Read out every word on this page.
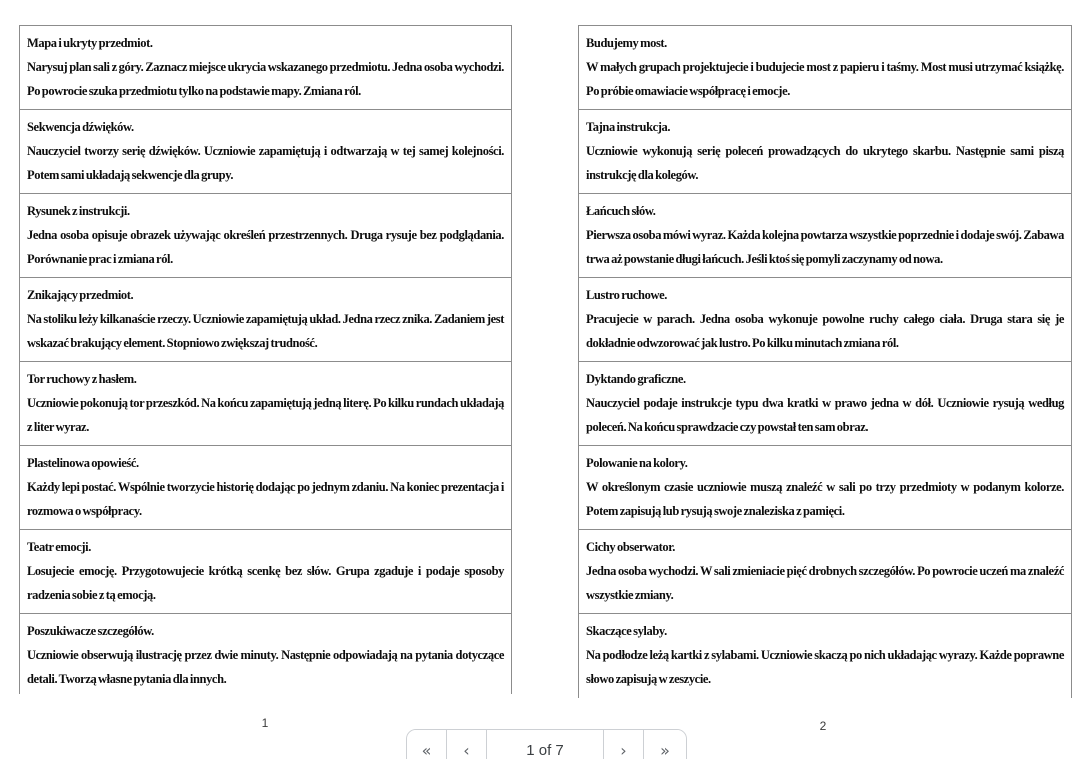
Mapa i ukryty przedmiot.
Narysuj plan sali z góry. Zaznacz miejsce ukrycia wskazanego przedmiotu. Jedna osoba wychodzi. Po powrocie szuka przedmiotu tylko na podstawie mapy. Zmiana ról.
Sekwencja dźwięków.
Nauczyciel tworzy serię dźwięków. Uczniowie zapamiętują i odtwarzają w tej samej kolejności. Potem sami układają sekwencje dla grupy.
Rysunek z instrukcji.
Jedna osoba opisuje obrazek używając określeń przestrzennych. Druga rysuje bez podglądania. Porównanie prac i zmiana ról.
Znikający przedmiot.
Na stoliku leży kilkanaście rzeczy. Uczniowie zapamiętują układ. Jedna rzecz znika. Zadaniem jest wskazać brakujący element. Stopniowo zwiększaj trudność.
Tor ruchowy z hasłem.
Uczniowie pokonują tor przeszkód. Na końcu zapamiętują jedną literę. Po kilku rundach układają z liter wyraz.
Plastelinowa opowieść.
Każdy lepi postać. Wspólnie tworzycie historię dodając po jednym zdaniu. Na koniec prezentacja i rozmowa o współpracy.
Teatr emocji.
Losujecie emocję. Przygotowujecie krótką scenkę bez słów. Grupa zgaduje i podaje sposoby radzenia sobie z tą emocją.
Poszukiwacze szczegółów.
Uczniowie obserwują ilustrację przez dwie minuty. Następnie odpowiadają na pytania dotyczące detali. Tworzą własne pytania dla innych.
Budujemy most.
W małych grupach projektujecie i budujecie most z papieru i taśmy. Most musi utrzymać książkę. Po próbie omawiacie współpracę i emocje.
Tajna instrukcja.
Uczniowie wykonują serię poleceń prowadzących do ukrytego skarbu. Następnie sami piszą instrukcję dla kolegów.
Łańcuch słów.
Pierwsza osoba mówi wyraz. Każda kolejna powtarza wszystkie poprzednie i dodaje swój. Zabawa trwa aż powstanie długi łańcuch. Jeśli ktoś się pomyli zaczynamy od nowa.
Lustro ruchowe.
Pracujecie w parach. Jedna osoba wykonuje powolne ruchy całego ciała. Druga stara się je dokładnie odwzorować jak lustro. Po kilku minutach zmiana ról.
Dyktando graficzne.
Nauczyciel podaje instrukcje typu dwa kratki w prawo jedna w dół. Uczniowie rysują według poleceń. Na końcu sprawdzacie czy powstał ten sam obraz.
Polowanie na kolory.
W określonym czasie uczniowie muszą znaleźć w sali po trzy przedmioty w podanym kolorze. Potem zapisują lub rysują swoje znaleziska z pamięci.
Cichy obserwator.
Jedna osoba wychodzi. W sali zmieniacie pięć drobnych szczegółów. Po powrocie uczeń ma znaleźć wszystkie zmiany.
Skaczące sylaby.
Na podłodze leżą kartki z sylabami. Uczniowie skaczą po nich układając wyrazy. Każde poprawne słowo zapisują w zeszycie.
1	2
« ‹	1 of 7	› »
